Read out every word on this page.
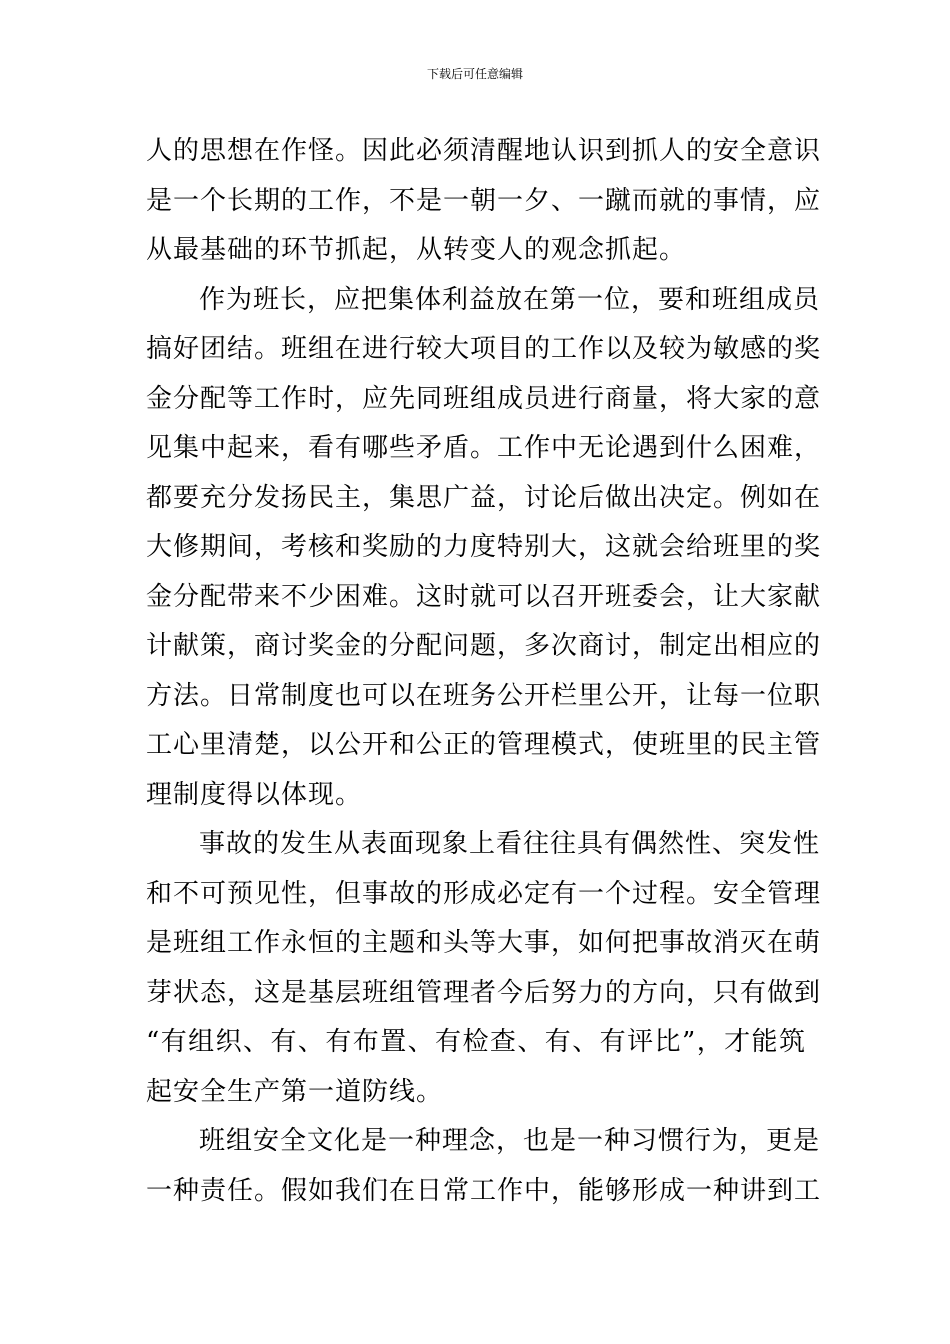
下载后可任意编辑
人的思想在作怪。因此必须清醒地认识到抓人的安全意识
是一个长期的工作，不是一朝一夕、一蹴而就的事情，应
从最基础的环节抓起，从转变人的观念抓起。
作为班长，应把集体利益放在第一位，要和班组成员
搞好团结。班组在进行较大项目的工作以及较为敏感的奖
金分配等工作时，应先同班组成员进行商量，将大家的意
见集中起来，看有哪些矛盾。工作中无论遇到什么困难，
都要充分发扬民主，集思广益，讨论后做出决定。例如在
大修期间，考核和奖励的力度特别大，这就会给班里的奖
金分配带来不少困难。这时就可以召开班委会，让大家献
计献策，商讨奖金的分配问题，多次商讨，制定出相应的
方法。日常制度也可以在班务公开栏里公开，让每一位职
工心里清楚，以公开和公正的管理模式，使班里的民主管
理制度得以体现。
事故的发生从表面现象上看往往具有偶然性、突发性
和不可预见性，但事故的形成必定有一个过程。安全管理
是班组工作永恒的主题和头等大事，如何把事故消灭在萌
芽状态，这是基层班组管理者今后努力的方向，只有做到
“有组织、有、有布置、有检查、有、有评比”，才能筑
起安全生产第一道防线。
班组安全文化是一种理念，也是一种习惯行为，更是
一种责任。假如我们在日常工作中，能够形成一种讲到工
